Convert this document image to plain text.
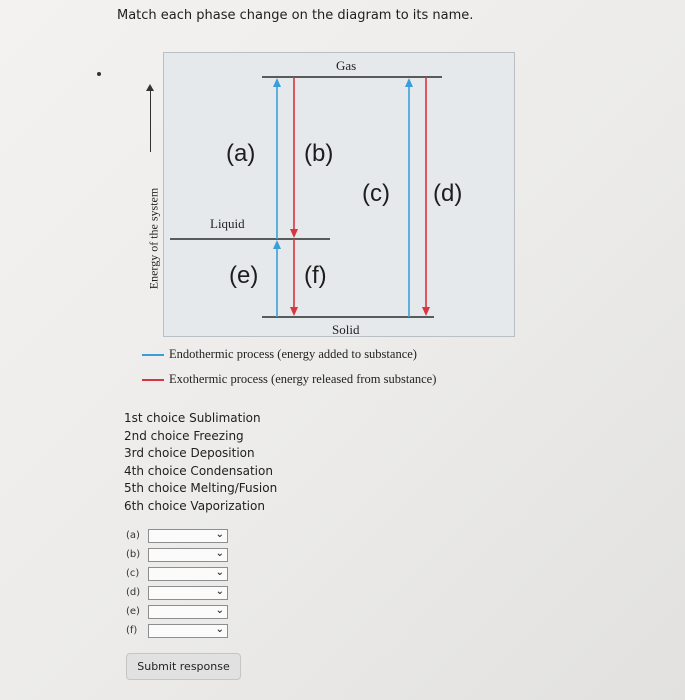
Match each phase change on the diagram to its name.
Energy of the system
Gas
Liquid
Solid
(a) (b)
(c) (d)
(e) (f)
Endothermic process (energy added to substance)
Exothermic process (energy released from substance)
1st choice Sublimation
2nd choice Freezing
3rd choice Deposition
4th choice Condensation
5th choice Melting/Fusion
6th choice Vaporization
(a)	⌄
(b)	⌄
(c)	⌄
(d)	⌄
(e)	⌄
(f)	⌄
Submit response
